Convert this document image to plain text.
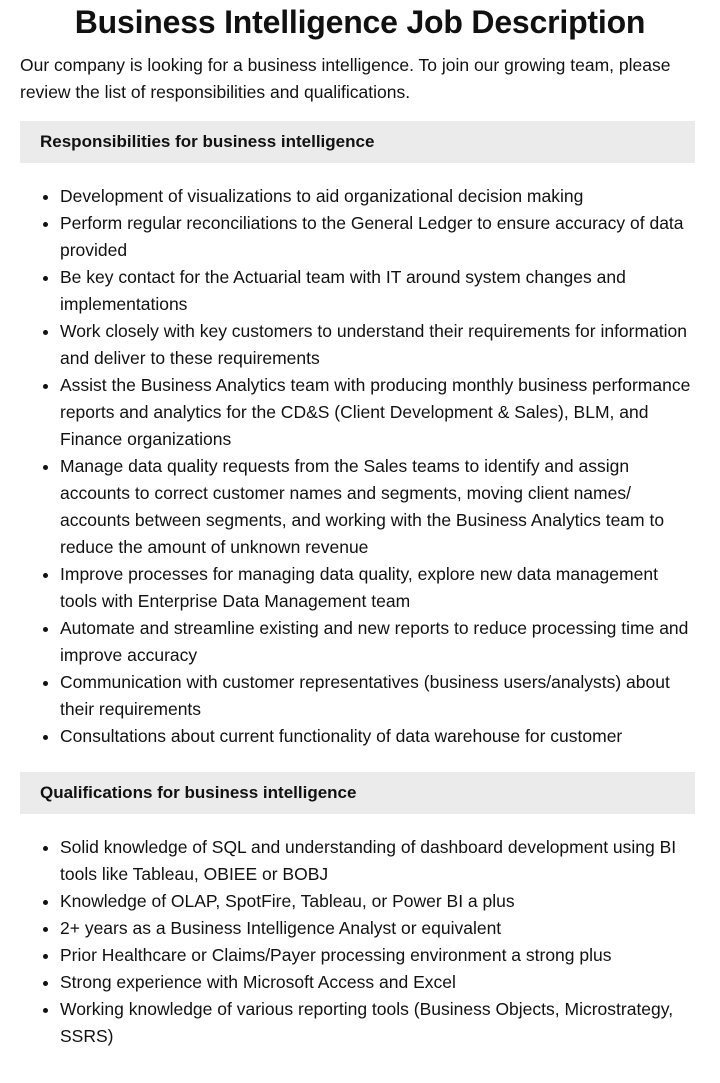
Business Intelligence Job Description

Our company is looking for a business intelligence. To join our growing team, please review the list of responsibilities and qualifications.

Responsibilities for business intelligence
• Development of visualizations to aid organizational decision making
• Perform regular reconciliations to the General Ledger to ensure accuracy of data provided
• Be key contact for the Actuarial team with IT around system changes and implementations
• Work closely with key customers to understand their requirements for information and deliver to these requirements
• Assist the Business Analytics team with producing monthly business performance reports and analytics for the CD&S (Client Development & Sales), BLM, and Finance organizations
• Manage data quality requests from the Sales teams to identify and assign accounts to correct customer names and segments, moving client names/ accounts between segments, and working with the Business Analytics team to reduce the amount of unknown revenue
• Improve processes for managing data quality, explore new data management tools with Enterprise Data Management team
• Automate and streamline existing and new reports to reduce processing time and improve accuracy
• Communication with customer representatives (business users/analysts) about their requirements
• Consultations about current functionality of data warehouse for customer
Qualifications for business intelligence
• Solid knowledge of SQL and understanding of dashboard development using BI tools like Tableau, OBIEE or BOBJ
• Knowledge of OLAP, SpotFire, Tableau, or Power BI a plus
• 2+ years as a Business Intelligence Analyst or equivalent
• Prior Healthcare or Claims/Payer processing environment a strong plus
• Strong experience with Microsoft Access and Excel
• Working knowledge of various reporting tools (Business Objects, Microstrategy, SSRS)
